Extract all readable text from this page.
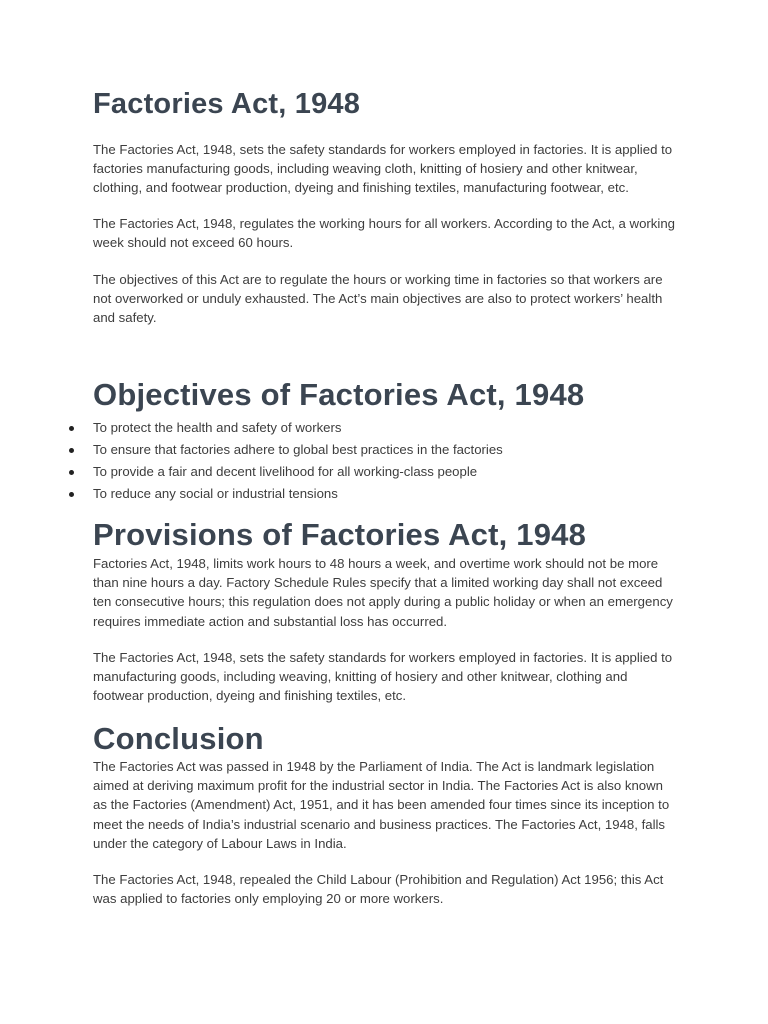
Factories Act, 1948

The Factories Act, 1948, sets the safety standards for workers employed in factories. It is applied to factories manufacturing goods, including weaving cloth, knitting of hosiery and other knitwear, clothing, and footwear production, dyeing and finishing textiles, manufacturing footwear, etc.

The Factories Act, 1948, regulates the working hours for all workers. According to the Act, a working week should not exceed 60 hours.

The objectives of this Act are to regulate the hours or working time in factories so that workers are not overworked or unduly exhausted. The Act’s main objectives are also to protect workers’ health and safety.

Objectives of Factories Act, 1948
To protect the health and safety of workers
To ensure that factories adhere to global best practices in the factories
To provide a fair and decent livelihood for all working-class people
To reduce any social or industrial tensions
Provisions of Factories Act, 1948

Factories Act, 1948, limits work hours to 48 hours a week, and overtime work should not be more than nine hours a day. Factory Schedule Rules specify that a limited working day shall not exceed ten consecutive hours; this regulation does not apply during a public holiday or when an emergency requires immediate action and substantial loss has occurred.

The Factories Act, 1948, sets the safety standards for workers employed in factories. It is applied to manufacturing goods, including weaving, knitting of hosiery and other knitwear, clothing and footwear production, dyeing and finishing textiles, etc.

Conclusion

The Factories Act was passed in 1948 by the Parliament of India. The Act is landmark legislation aimed at deriving maximum profit for the industrial sector in India. The Factories Act is also known as the Factories (Amendment) Act, 1951, and it has been amended four times since its inception to meet the needs of India’s industrial scenario and business practices. The Factories Act, 1948, falls under the category of Labour Laws in India.

The Factories Act, 1948, repealed the Child Labour (Prohibition and Regulation) Act 1956; this Act was applied to factories only employing 20 or more workers.
